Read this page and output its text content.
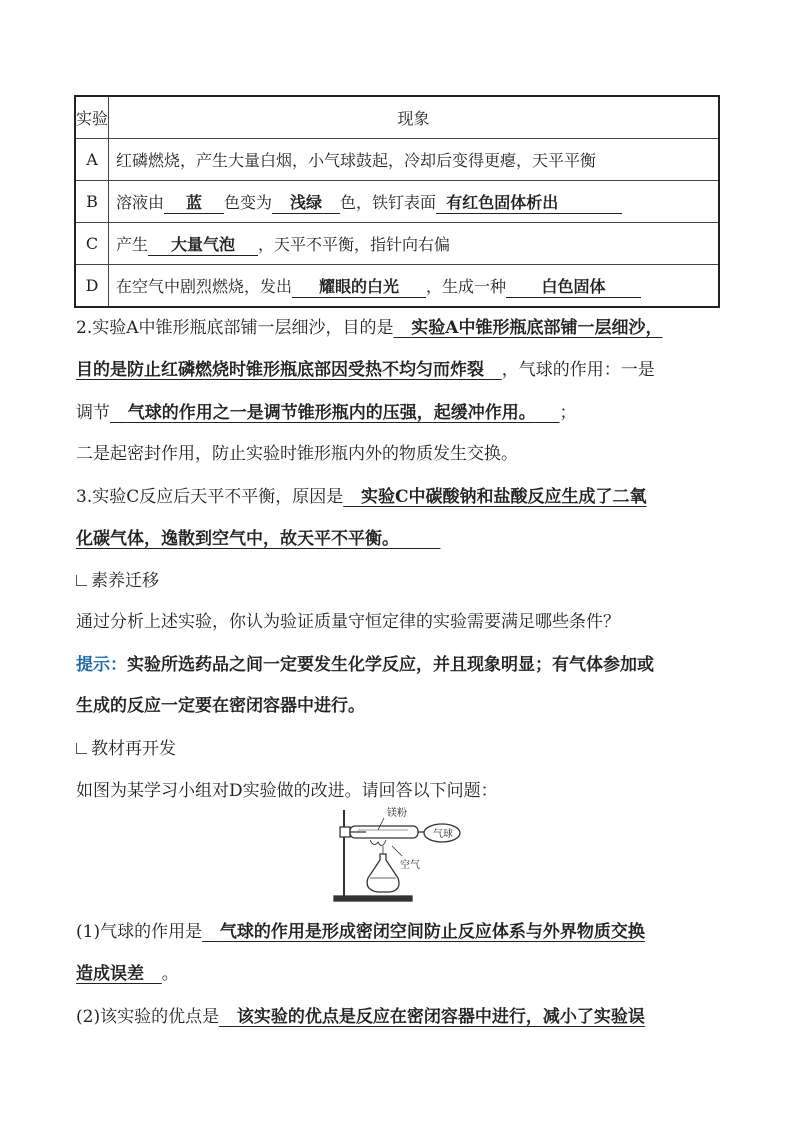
实验	现象
A	红磷燃烧，产生大量白烟，小气球鼓起，冷却后变得更瘪，天平平衡
B	溶液由 蓝 色变为 浅绿 色，铁钉表面 有红色固体析出
C	产生 大量气泡 ，天平不平衡，指针向右偏
D	在空气中剧烈燃烧，发出 耀眼的白光 ，生成一种 白色固体
2.实验A中锥形瓶底部铺一层细沙，目的是 实验A中锥形瓶底部铺一层细沙，
目的是防止红磷燃烧时锥形瓶底部因受热不均匀而炸裂 ，气球的作用：一是
调节 气球的作用之一是调节锥形瓶内的压强，起缓冲作用。 ；
二是起密封作用，防止实验时锥形瓶内外的物质发生交换。
3.实验C反应后天平不平衡，原因是 实验C中碳酸钠和盐酸反应生成了二氧
化碳气体，逸散到空气中，故天平不平衡。
素养迁移
通过分析上述实验，你认为验证质量守恒定律的实验需要满足哪些条件？
提示：实验所选药品之间一定要发生化学反应，并且现象明显；有气体参加或
生成的反应一定要在密闭容器中进行。
教材再开发
如图为某学习小组对D实验做的改进。请回答以下问题：
镁粉
气球
空气
(1)气球的作用是 气球的作用是形成密闭空间防止反应体系与外界物质交换
造成误差 。
(2)该实验的优点是 该实验的优点是反应在密闭容器中进行，减小了实验误
